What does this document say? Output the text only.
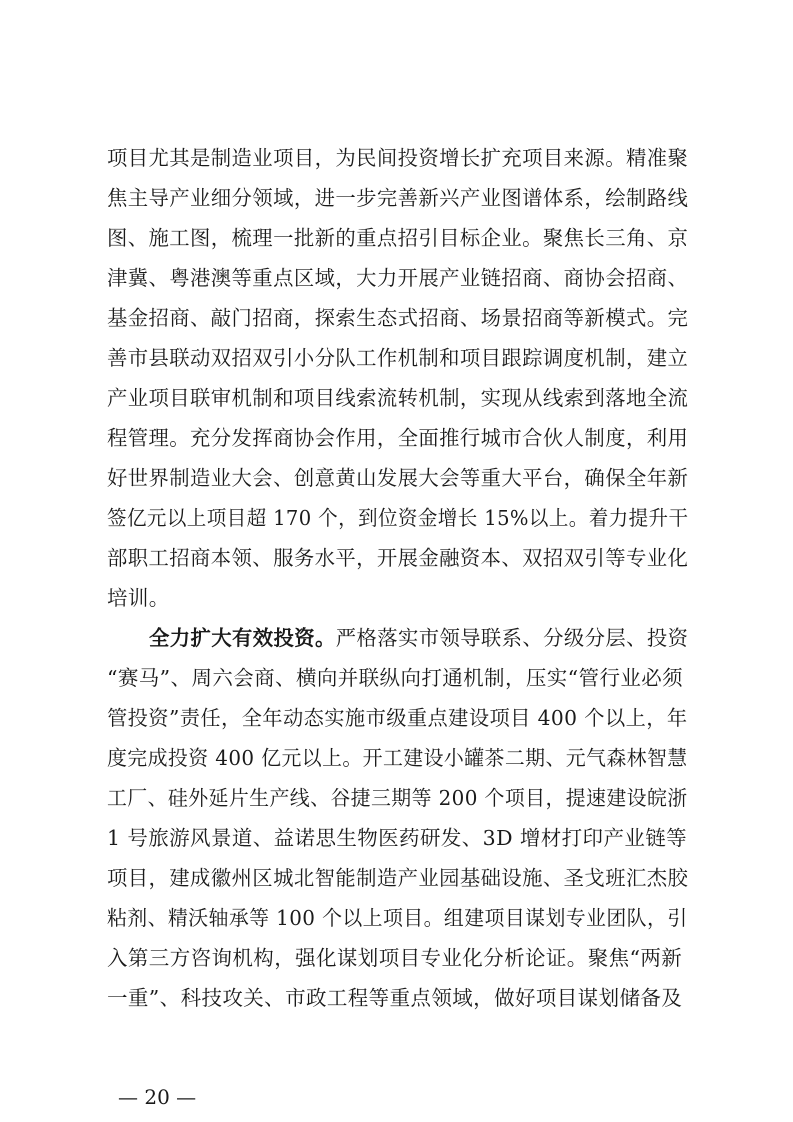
项目尤其是制造业项目，为民间投资增长扩充项目来源。精准聚
焦主导产业细分领域，进一步完善新兴产业图谱体系，绘制路线
图、施工图，梳理一批新的重点招引目标企业。聚焦长三角、京
津冀、粤港澳等重点区域，大力开展产业链招商、商协会招商、
基金招商、敲门招商，探索生态式招商、场景招商等新模式。完
善市县联动双招双引小分队工作机制和项目跟踪调度机制，建立
产业项目联审机制和项目线索流转机制，实现从线索到落地全流
程管理。充分发挥商协会作用，全面推行城市合伙人制度，利用
好世界制造业大会、创意黄山发展大会等重大平台，确保全年新
签亿元以上项目超 170 个，到位资金增长 15%以上。着力提升干
部职工招商本领、服务水平，开展金融资本、双招双引等专业化
培训。
全力扩大有效投资。严格落实市领导联系、分级分层、投资
“赛马”、周六会商、横向并联纵向打通机制，压实“管行业必须
管投资”责任，全年动态实施市级重点建设项目 400 个以上，年
度完成投资 400 亿元以上。开工建设小罐茶二期、元气森林智慧
工厂、硅外延片生产线、谷捷三期等 200 个项目，提速建设皖浙
1 号旅游风景道、益诺思生物医药研发、3D 增材打印产业链等
项目，建成徽州区城北智能制造产业园基础设施、圣戈班汇杰胶
粘剂、精沃轴承等 100 个以上项目。组建项目谋划专业团队，引
入第三方咨询机构，强化谋划项目专业化分析论证。聚焦“两新
一重”、科技攻关、市政工程等重点领域，做好项目谋划储备及
— 20 —
